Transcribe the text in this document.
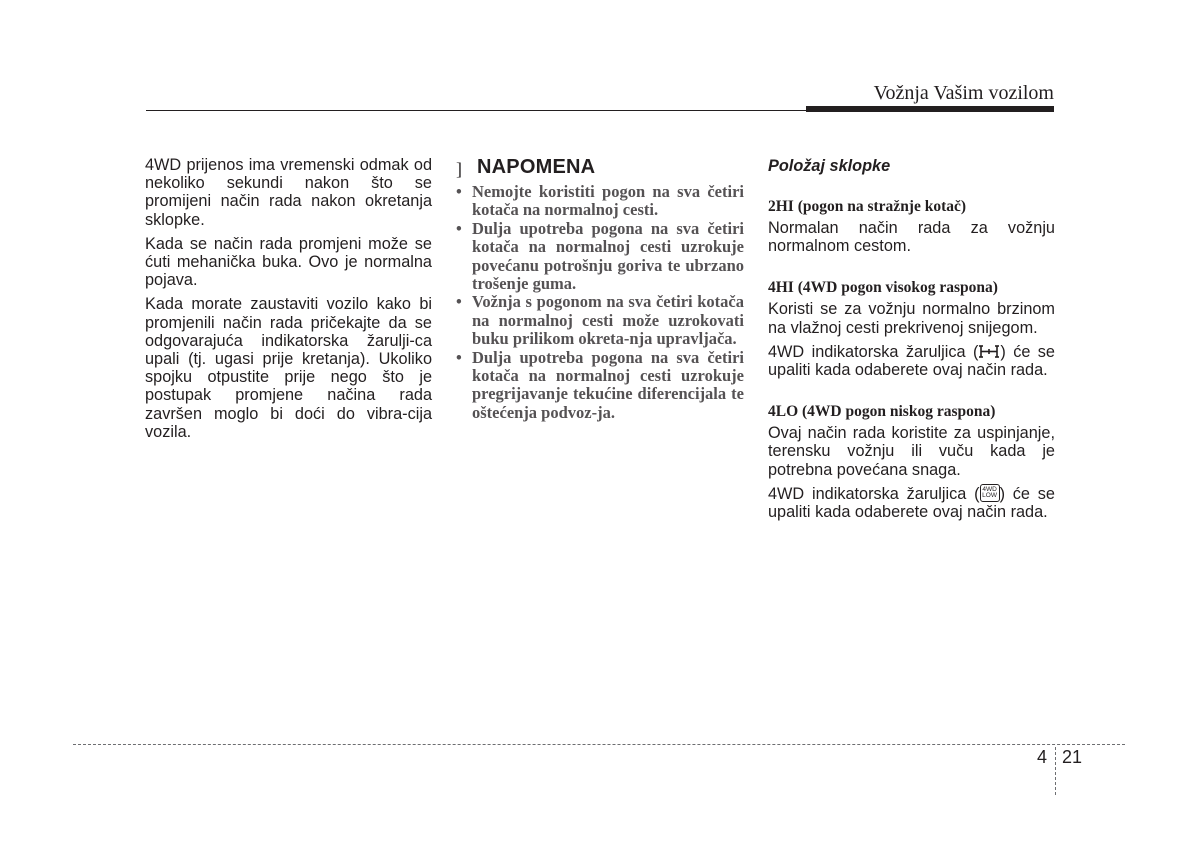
Vožnja Vašim vozilom

4WD prijenos ima vremenski odmak od nekoliko sekundi nakon što se promijeni način rada nakon okretanja sklopke.

Kada se način rada promjeni može se ćuti mehanička buka. Ovo je normalna pojava.

Kada morate zaustaviti vozilo kako bi promjenili način rada pričekajte da se odgovarajuća indikatorska žarulji-ca upali (tj. ugasi prije kretanja). Ukoliko spojku otpustite prije nego što je postupak promjene načina rada završen moglo bi doći do vibra-cija vozila.

] NAPOMENA
• Nemojte koristiti pogon na sva četiri kotača na normalnoj cesti.
• Dulja upotreba pogona na sva četiri kotača na normalnoj cesti uzrokuje povećanu potrošnju goriva te ubrzano trošenje guma.
• Vožnja s pogonom na sva četiri kotača na normalnoj cesti može uzrokovati buku prilikom okreta-nja upravljača.
• Dulja upotreba pogona na sva četiri kotača na normalnoj cesti uzrokuje pregrijavanje tekućine diferencijala te oštećenja podvoz-ja.

Položaj sklopke

2HI (pogon na stražnje kotač)

Normalan način rada za vožnju normalnom cestom.

4HI (4WD pogon visokog raspona)

Koristi se za vožnju normalno brzinom na vlažnoj cesti prekrivenoj snijegom.

4WD indikatorska žaruljica ( ) će se upaliti kada odaberete ovaj način rada.

4LO (4WD pogon niskog raspona)

Ovaj način rada koristite za uspinjanje, terensku vožnju ili vuču kada je potrebna povećana snaga.

4WD indikatorska žaruljica ( 4WD
LOW ) će se upaliti kada odaberete ovaj način rada.

4 21
